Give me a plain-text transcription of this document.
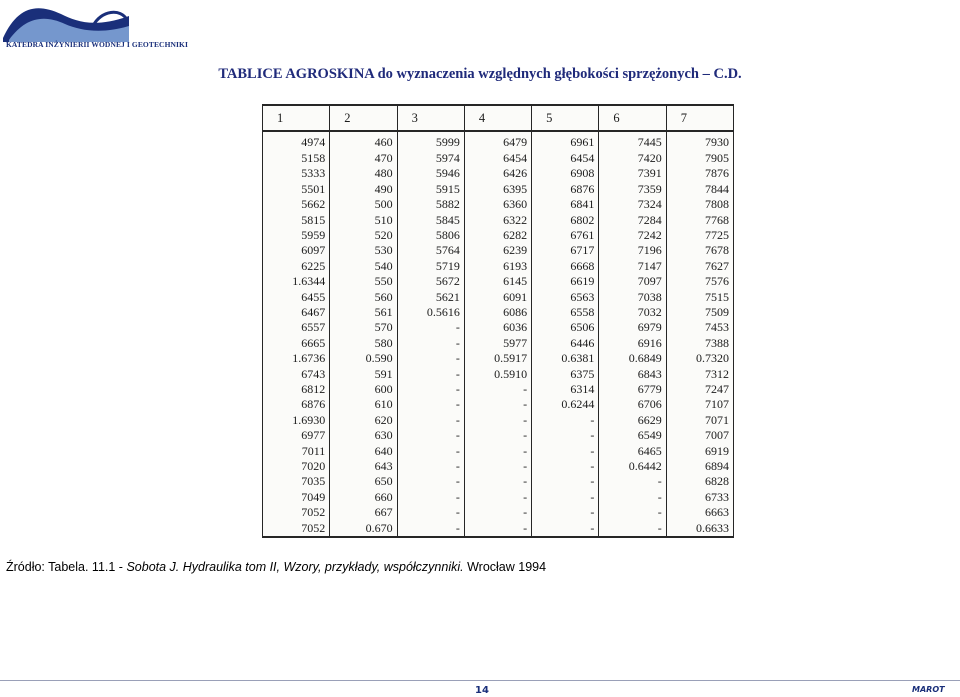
KATEDRA INŻYNIERII WODNEJ I GEOTECHNIKI
TABLICE AGROSKINA do wyznaczenia względnych głębokości sprzężonych – C.D.
1	2	3	4	5	6	7
4974	460	5999	6479	6961	7445	7930
5158	470	5974	6454	6454	7420	7905
5333	480	5946	6426	6908	7391	7876
5501	490	5915	6395	6876	7359	7844
5662	500	5882	6360	6841	7324	7808
5815	510	5845	6322	6802	7284	7768
5959	520	5806	6282	6761	7242	7725
6097	530	5764	6239	6717	7196	7678
6225	540	5719	6193	6668	7147	7627
1.6344	550	5672	6145	6619	7097	7576
6455	560	5621	6091	6563	7038	7515
6467	561	0.5616	6086	6558	7032	7509
6557	570	-	6036	6506	6979	7453
6665	580	-	5977	6446	6916	7388
1.6736	0.590	-	0.5917	0.6381	0.6849	0.7320
6743	591	-	0.5910	6375	6843	7312
6812	600	-	-	6314	6779	7247
6876	610	-	-	0.6244	6706	7107
1.6930	620	-	-	-	6629	7071
6977	630	-	-	-	6549	7007
7011	640	-	-	-	6465	6919
7020	643	-	-	-	0.6442	6894
7035	650	-	-	-	-	6828
7049	660	-	-	-	-	6733
7052	667	-	-	-	-	6663
7052	0.670	-	-	-	-	0.6633
Źródło: Tabela. 11.1 - Sobota J. Hydraulika tom II, Wzory, przykłady, współczynniki. Wrocław 1994
14	MAROT
